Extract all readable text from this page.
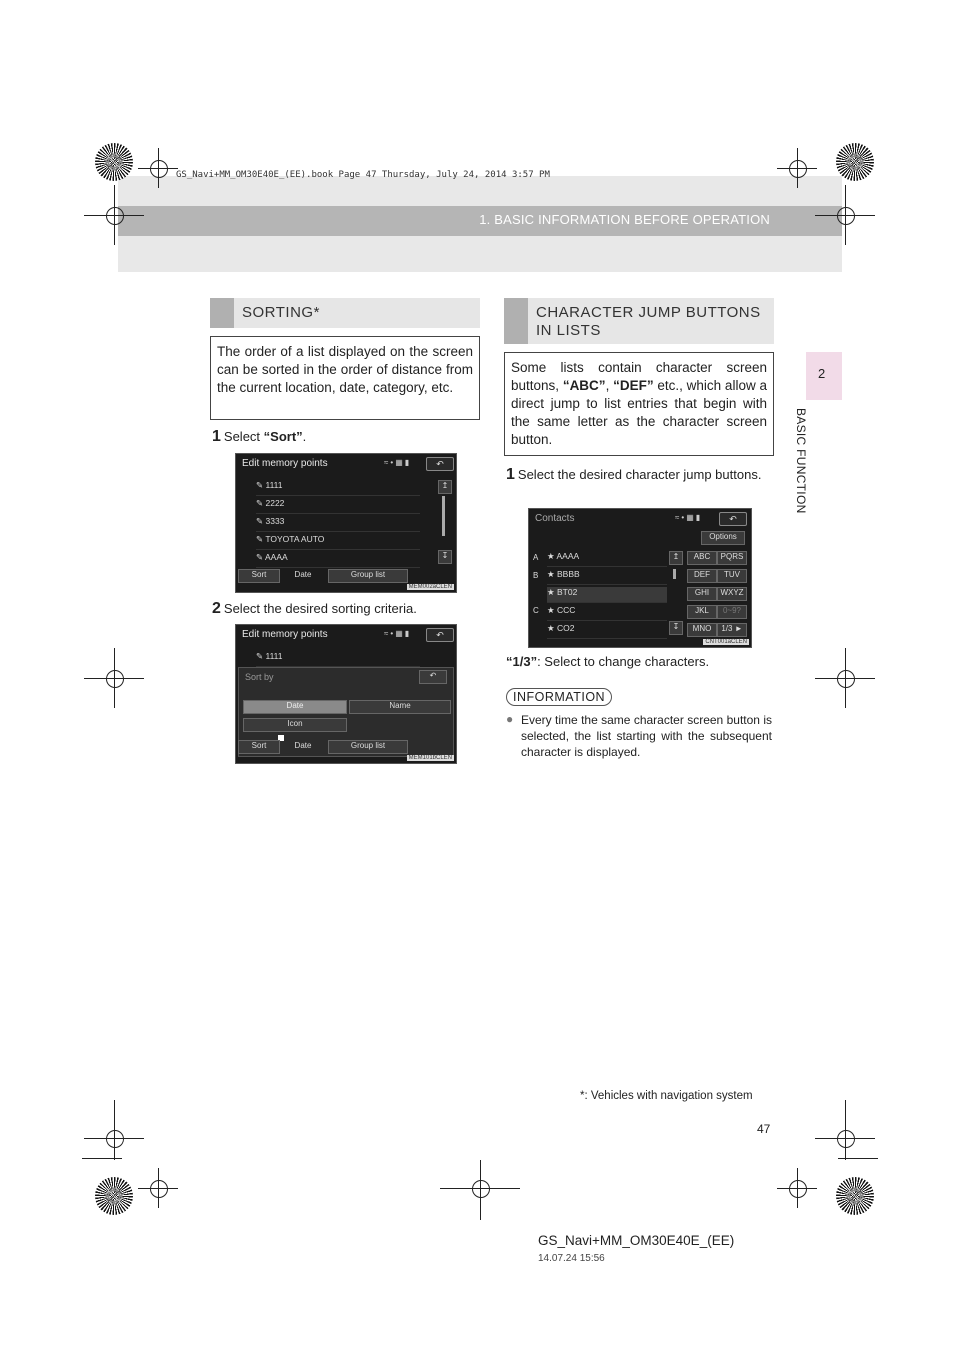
1. BASIC INFORMATION BEFORE OPERATION
GS_Navi+MM_OM30E40E_(EE).book Page 47 Thursday, July 24, 2014 3:57 PM
2
BASIC FUNCTION
SORTING*
The order of a list displayed on the screen can be sorted in the order of distance from the current location, date, category, etc.
1 Select “Sort”.
Edit memory points	≈•▦▮	↶
✎ 1111
✎ 2222
✎ 3333
✎ TOYOTA AUTO
✎ AAAA
↥
↧
Sort	Date	Group list
MEM002aCLEN
2 Select the desired sorting criteria.
Edit memory points	≈•▦▮	↶
✎ 1111
Sort by	↶
Date	Name
Icon
Sort	Date	Group list
MEM101bCLEN
CHARACTER JUMP BUTTONS
IN LISTS
Some lists contain character screen buttons, “ABC”, “DEF” etc., which allow a direct jump to list entries that begin with the same letter as the character screen button.
1 Select the desired character jump buttons.
Contacts	≈•▦▮	↶
Options
A
B
C
★ AAAA
★ BBBB
★ BT02
★ CCC
★ CO2
↥
↧
ABC	PQRS
DEF	TUV
GHI	WXYZ
JKL	0~9?
MNO	1/3 ►
CNT001aCLEN
“1/3”: Select to change characters.
INFORMATION
● Every time the same character screen button is selected, the list starting with the subsequent character is displayed.
*: Vehicles with navigation system
47
GS_Navi+MM_OM30E40E_(EE)
14.07.24 15:56
